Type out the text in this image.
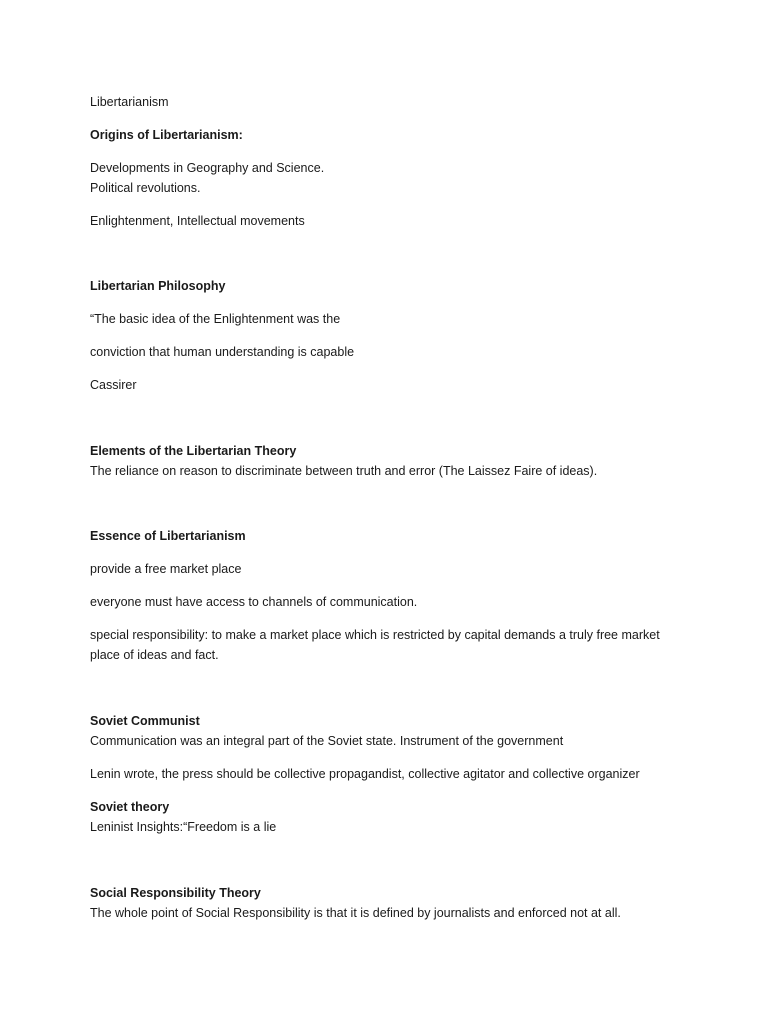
Libertarianism
Origins of Libertarianism:
Developments in Geography and Science.
Political revolutions.
Enlightenment, Intellectual movements
Libertarian Philosophy
“The basic idea of the Enlightenment was the
conviction that human understanding is capable
Cassirer
Elements of the Libertarian Theory
The reliance on reason to discriminate between truth and error (The Laissez Faire of ideas).
Essence of Libertarianism
provide a free market place
everyone must have access to channels of communication.
special responsibility: to make a market place which is restricted by capital demands a truly free market place of ideas and fact.
Soviet Communist
Communication was an integral part of the Soviet state. Instrument of the government
Lenin wrote, the press should be collective propagandist, collective agitator and collective organizer
Soviet theory
Leninist Insights:“Freedom is a lie
Social Responsibility Theory
The whole point of Social Responsibility is that it is defined by journalists and enforced not at all.
